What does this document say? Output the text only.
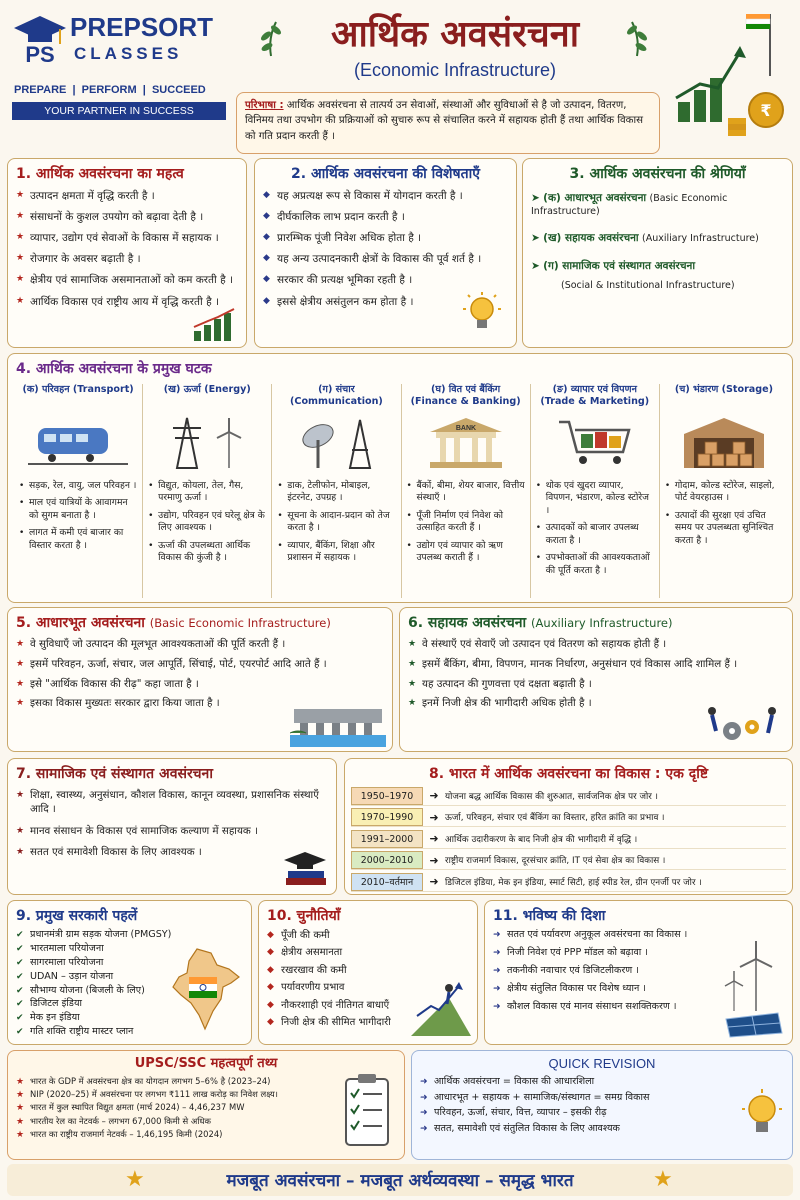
PS
PREPSORT
CLASSES
PREPARE  |  PERFORM  |  SUCCEED
YOUR PARTNER IN SUCCESS
आर्थिक अवसंरचना
(Economic Infrastructure)
₹
परिभाषा : आर्थिक अवसंरचना से तात्पर्य उन सेवाओं, संस्थाओं और सुविधाओं से है जो उत्पादन, वितरण, विनिमय तथा उपभोग की प्रक्रियाओं को सुचारु रूप से संचालित करने में सहायक होती हैं तथा आर्थिक विकास को गति प्रदान करती हैं ।
1. आर्थिक अवसंरचना का महत्व
★ उत्पादन क्षमता में वृद्धि करती है ।
★ संसाधनों के कुशल उपयोग को बढ़ावा देती है ।
★ व्यापार, उद्योग एवं सेवाओं के विकास में सहायक ।
★ रोजगार के अवसर बढ़ाती है ।
★ क्षेत्रीय एवं सामाजिक असमानताओं को कम करती है ।
★ आर्थिक विकास एवं राष्ट्रीय आय में वृद्धि करती है ।
2. आर्थिक अवसंरचना की विशेषताएँ
◆ यह अप्रत्यक्ष रूप से विकास में योगदान करती है ।
◆ दीर्घकालिक लाभ प्रदान करती है ।
◆ प्रारम्भिक पूंजी निवेश अधिक होता है ।
◆ यह अन्य उत्पादनकारी क्षेत्रों के विकास की पूर्व शर्त है ।
◆ सरकार की प्रत्यक्ष भूमिका रहती है ।
◆ इससे क्षेत्रीय असंतुलन कम होता है ।
3. आर्थिक अवसंरचना की श्रेणियाँ
➤ (क) आधारभूत अवसंरचना (Basic Economic Infrastructure)
➤ (ख) सहायक अवसंरचना (Auxiliary Infrastructure)
➤ (ग) सामाजिक एवं संस्थागत अवसंरचना
(Social & Institutional Infrastructure)
4. आर्थिक अवसंरचना के प्रमुख घटक
(क) परिवहन (Transport)
• सड़क, रेल, वायु, जल परिवहन ।
• माल एवं यात्रियों के आवागमन को सुगम बनाता है ।
• लागत में कमी एवं बाजार का विस्तार करता है ।
(ख) ऊर्जा (Energy)
• विद्युत, कोयला, तेल, गैस, परमाणु ऊर्जा ।
• उद्योग, परिवहन एवं घरेलू क्षेत्र के लिए आवश्यक ।
• ऊर्जा की उपलब्धता आर्थिक विकास की कुंजी है ।
(ग) संचार (Communication)
• डाक, टेलीफोन, मोबाइल, इंटरनेट, उपग्रह ।
• सूचना के आदान-प्रदान को तेज करता है ।
• व्यापार, बैंकिंग, शिक्षा और प्रशासन में सहायक ।
(घ) वित एवं बैंकिंग (Finance & Banking)
BANK
• बैंकों, बीमा, शेयर बाजार, वित्तीय संस्थाएँ ।
• पूँजी निर्माण एवं निवेश को उत्साहित करती हैं ।
• उद्योग एवं व्यापार को ऋण उपलब्ध कराती हैं ।
(ङ) व्यापार एवं विपणन (Trade & Marketing)
• थोक एवं खुदरा व्यापार, विपणन, भंडारण, कोल्ड स्टोरेज ।
• उत्पादकों को बाजार उपलब्ध कराता है ।
• उपभोक्ताओं की आवश्यकताओं की पूर्ति करता है ।
(च) भंडारण (Storage)
• गोदाम, कोल्ड स्टोरेज, साइलो, पोर्ट वेयरहाउस ।
• उत्पादों की सुरक्षा एवं उचित समय पर उपलब्धता सुनिश्चित करता है ।
5. आधारभूत अवसंरचना (Basic Economic Infrastructure)
★ वे सुविधाएँ जो उत्पादन की मूलभूत आवश्यकताओं की पूर्ति करती हैं ।
★ इसमें परिवहन, ऊर्जा, संचार, जल आपूर्ति, सिंचाई, पोर्ट, एयरपोर्ट आदि आते हैं ।
★ इसे "आर्थिक विकास की रीढ़" कहा जाता है ।
★ इसका विकास मुख्यतः सरकार द्वारा किया जाता है ।
6. सहायक अवसंरचना (Auxiliary Infrastructure)
★ वे संस्थाएँ एवं सेवाएँ जो उत्पादन एवं वितरण को सहायक होती हैं ।
★ इसमें बैंकिंग, बीमा, विपणन, मानक निर्धारण, अनुसंधान एवं विकास आदि शामिल हैं ।
★ यह उत्पादन की गुणवत्ता एवं दक्षता बढ़ाती है ।
★ इनमें निजी क्षेत्र की भागीदारी अधिक होती है ।
7. सामाजिक एवं संस्थागत अवसंरचना
★ शिक्षा, स्वास्थ्य, अनुसंधान, कौशल विकास, कानून व्यवस्था, प्रशासनिक संस्थाएँ आदि ।
★ मानव संसाधन के विकास एवं सामाजिक कल्याण में सहायक ।
★ सतत एवं समावेशी विकास के लिए आवश्यक ।
8. भारत में आर्थिक अवसंरचना का विकास : एक दृष्टि
1950–1970	➜ योजना बद्ध आर्थिक विकास की शुरुआत, सार्वजनिक क्षेत्र पर जोर ।
1970–1990	➜ ऊर्जा, परिवहन, संचार एवं बैंकिंग का विस्तार, हरित क्रांति का प्रभाव ।
1991–2000	➜ आर्थिक उदारीकरण के बाद निजी क्षेत्र की भागीदारी में वृद्धि ।
2000–2010	➜ राष्ट्रीय राजमार्ग विकास, दूरसंचार क्रांति, IT एवं सेवा क्षेत्र का विकास ।
2010–वर्तमान	➜ डिजिटल इंडिया, मेक इन इंडिया, स्मार्ट सिटी, हाई स्पीड रेल, ग्रीन एनर्जी पर जोर ।
9. प्रमुख सरकारी पहलें
✔ प्रधानमंत्री ग्राम सड़क योजना (PMGSY)
✔ भारतमाला परियोजना
✔ सागरमाला परियोजना
✔ UDAN – उड़ान योजना
✔ सौभाग्य योजना (बिजली के लिए)
✔ डिजिटल इंडिया
✔ मेक इन इंडिया
✔ गति शक्ति राष्ट्रीय मास्टर प्लान
10. चुनौतियाँ
◆ पूँजी की कमी
◆ क्षेत्रीय असमानता
◆ रखरखाव की कमी
◆ पर्यावरणीय प्रभाव
◆ नौकरशाही एवं नीतिगत बाधाएँ
◆ निजी क्षेत्र की सीमित भागीदारी
11. भविष्य की दिशा
➜ सतत एवं पर्यावरण अनुकूल अवसंरचना का विकास ।
➜ निजी निवेश एवं PPP मॉडल को बढ़ावा ।
➜ तकनीकी नवाचार एवं डिजिटलीकरण ।
➜ क्षेत्रीय संतुलित विकास पर विशेष ध्यान ।
➜ कौशल विकास एवं मानव संसाधन सशक्तिकरण ।
UPSC/SSC महत्वपूर्ण तथ्य
★ भारत के GDP में अवसंरचना क्षेत्र का योगदान लगभग 5–6% है (2023–24)
★ NIP (2020–25) में अवसंरचना पर लगभग ₹111 लाख करोड़ का निवेश लक्ष्य।
★ भारत में कुल स्थापित विद्युत क्षमता (मार्च 2024) – 4,46,237 MW
★ भारतीय रेल का नेटवर्क – लगभग 67,000 किमी से अधिक
★ भारत का राष्ट्रीय राजमार्ग नेटवर्क – 1,46,195 किमी (2024)
QUICK REVISION
➜ आर्थिक अवसंरचना = विकास की आधारशिला
➜ आधारभूत + सहायक + सामाजिक/संस्थागत = समग्र विकास
➜ परिवहन, ऊर्जा, संचार, वित्त, व्यापार – इसकी रीढ़
➜ सतत, समावेशी एवं संतुलित विकास के लिए आवश्यक
★	मजबूत अवसंरचना – मजबूत अर्थव्यवस्था – समृद्ध भारत	★
